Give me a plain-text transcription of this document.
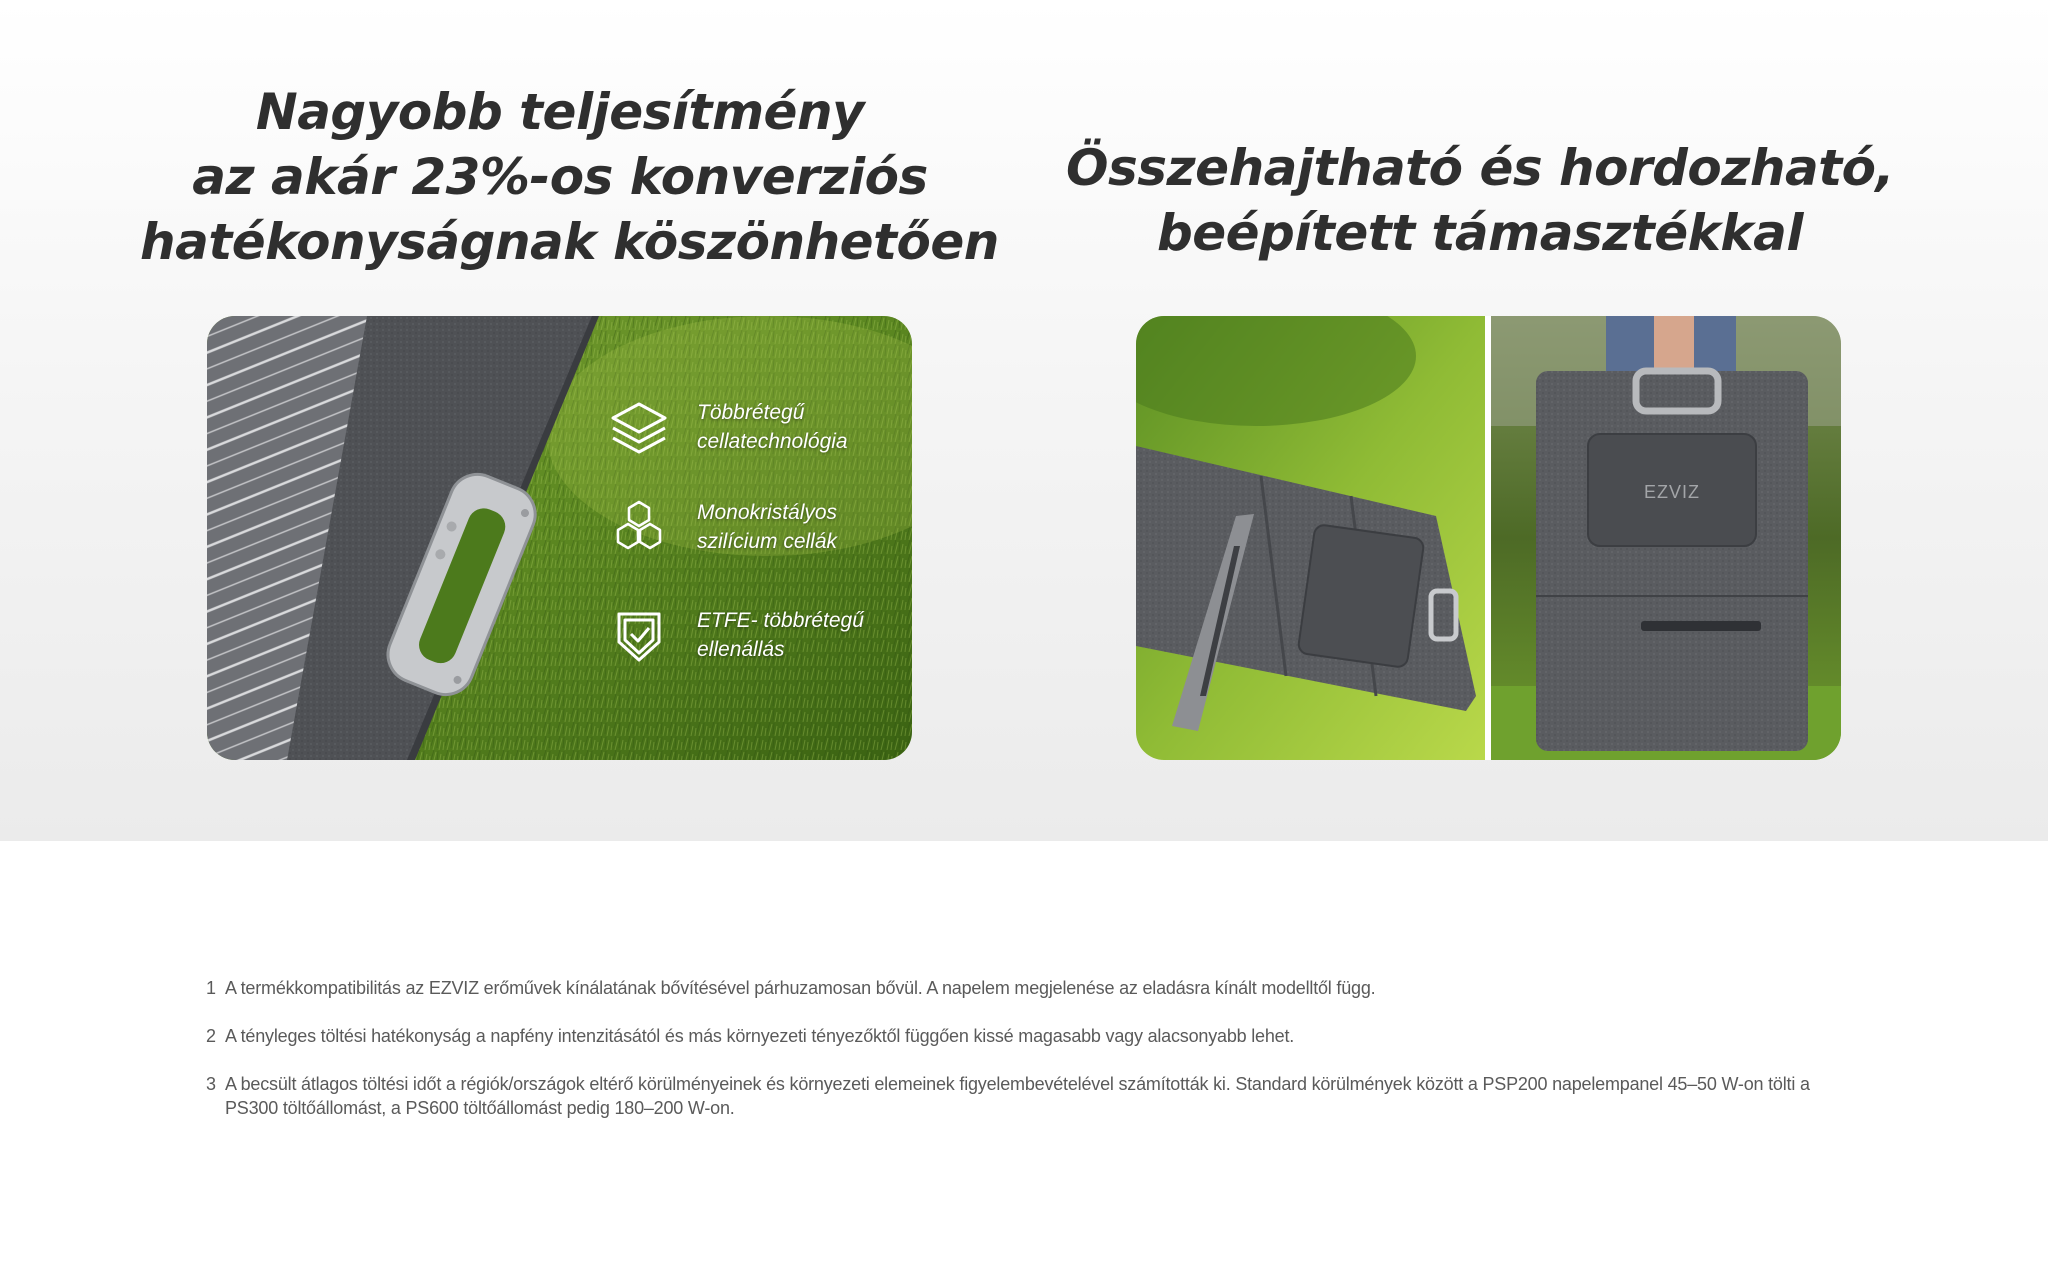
Nagyobb teljesítmény
az akár 23%-os konverziós
hatékonyságnak köszönhetően
Összehajtható és hordozható,
beépített támasztékkal
Többrétegű
cellatechnológia
Monokristályos
szilícium cellák
ETFE- többrétegű
ellenállás
EZVIZ
1 A termékkompatibilitás az EZVIZ erőművek kínálatának bővítésével párhuzamosan bővül. A napelem megjelenése az eladásra kínált modelltől függ.
2 A tényleges töltési hatékonyság a napfény intenzitásától és más környezeti tényezőktől függően kissé magasabb vagy alacsonyabb lehet.
3 A becsült átlagos töltési időt a régiók/országok eltérő körülményeinek és környezeti elemeinek figyelembevételével számították ki. Standard körülmények között a PSP200 napelempanel 45–50 W-on tölti a PS300 töltőállomást, a PS600 töltőállomást pedig 180–200 W-on.
